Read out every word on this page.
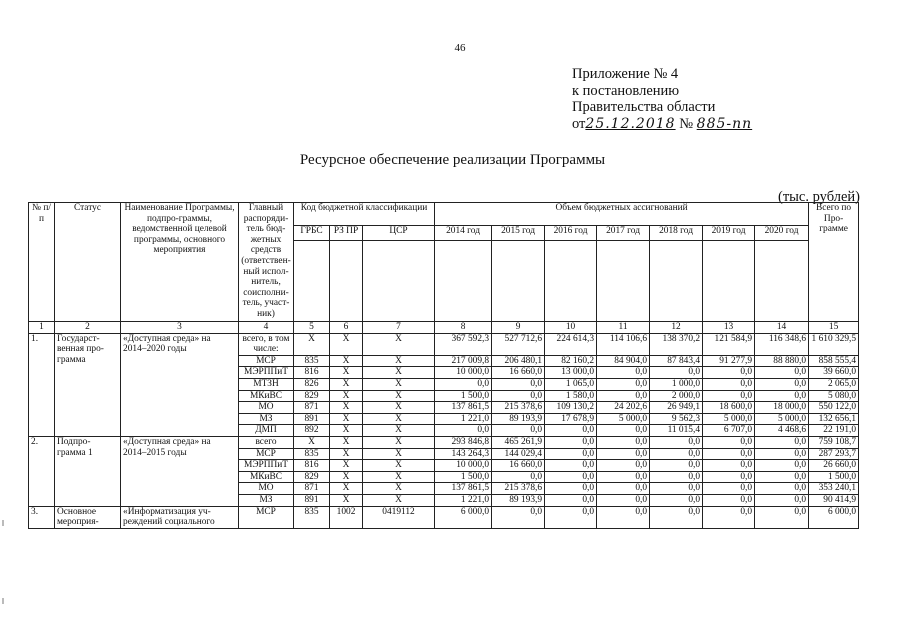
46
Приложение № 4
к постановлению
Правительства области
от25.12.2018 № 885-пп
Ресурсное обеспечение реализации Программы
(тыс. рублей)
№ п/п	Статус	Наименование Программы, подпро-граммы, ведомственной целевой программы, основного мероприятия	Главный распоряди-тель бюд-жетных средств (ответствен-ный испол-нитель, соисполни-тель, участ-ник)	Код бюджетной классификации			Объем бюджетных ассигнований							Всего по Про-грамме
				ГРБС	РЗ ПР	ЦСР	2014 год	2015 год	2016 год	2017 год	2018 год	2019 год	2020 год	

1	2	3	4	5	6	7	8	9	10	11	12	13	14	15
1.	Государст-венная про-грамма	«Доступная среда» на 2014–2020 годы	всего, в том числе:	Х	Х	Х	367 592,3	527 712,6	224 614,3	114 106,6	138 370,2	121 584,9	116 348,6	1 610 329,5
			МСР	835	Х	Х	217 009,8	206 480,1	82 160,2	84 904,0	87 843,4	91 277,9	88 880,0	858 555,4
			МЭРППиТ	816	Х	Х	10 000,0	16 660,0	13 000,0	0,0	0,0	0,0	0,0	39 660,0
			МТЗН	826	Х	Х	0,0	0,0	1 065,0	0,0	1 000,0	0,0	0,0	2 065,0
			МКиВС	829	Х	Х	1 500,0	0,0	1 580,0	0,0	2 000,0	0,0	0,0	5 080,0
			МО	871	Х	Х	137 861,5	215 378,6	109 130,2	24 202,6	26 949,1	18 600,0	18 000,0	550 122,0
			МЗ	891	Х	Х	1 221,0	89 193,9	17 678,9	5 000,0	9 562,3	5 000,0	5 000,0	132 656,1
			ДМП	892	Х	Х	0,0	0,0	0,0	0,0	11 015,4	6 707,0	4 468,6	22 191,0
2.	Подпро-грамма 1	«Доступная среда» на 2014–2015 годы	всего	Х	Х	Х	293 846,8	465 261,9	0,0	0,0	0,0	0,0	0,0	759 108,7
			МСР	835	Х	Х	143 264,3	144 029,4	0,0	0,0	0,0	0,0	0,0	287 293,7
			МЭРППиТ	816	Х	Х	10 000,0	16 660,0	0,0	0,0	0,0	0,0	0,0	26 660,0
			МКиВС	829	Х	Х	1 500,0	0,0	0,0	0,0	0,0	0,0	0,0	1 500,0
			МО	871	Х	Х	137 861,5	215 378,6	0,0	0,0	0,0	0,0	0,0	353 240,1
			МЗ	891	Х	Х	1 221,0	89 193,9	0,0	0,0	0,0	0,0	0,0	90 414,9
3.	Основное мероприя-	«Информатизация уч-реждений социального	МСР	835	1002	0419112	6 000,0	0,0	0,0	0,0	0,0	0,0	0,0	6 000,0
